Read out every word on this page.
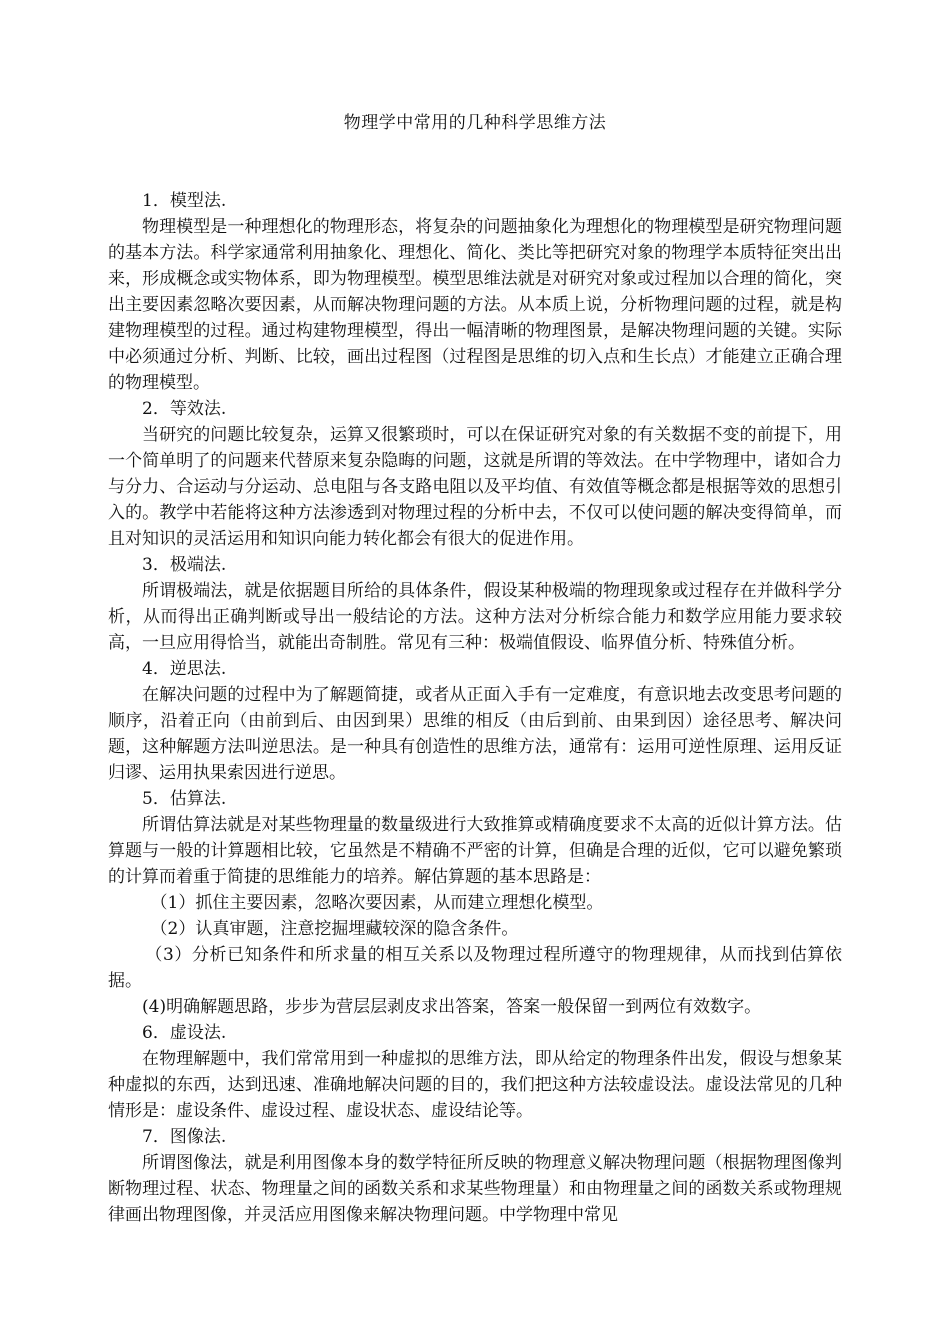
物理学中常用的几种科学思维方法

1．模型法.

物理模型是一种理想化的物理形态，将复杂的问题抽象化为理想化的物理模型是研究物理问题的基本方法。科学家通常利用抽象化、理想化、简化、类比等把研究对象的物理学本质特征突出出来，形成概念或实物体系，即为物理模型。模型思维法就是对研究对象或过程加以合理的简化，突出主要因素忽略次要因素，从而解决物理问题的方法。从本质上说，分析物理问题的过程，就是构建物理模型的过程。通过构建物理模型，得出一幅清晰的物理图景，是解决物理问题的关键。实际中必须通过分析、判断、比较，画出过程图（过程图是思维的切入点和生长点）才能建立正确合理的物理模型。

2．等效法.

当研究的问题比较复杂，运算又很繁琐时，可以在保证研究对象的有关数据不变的前提下，用一个简单明了的问题来代替原来复杂隐晦的问题，这就是所谓的等效法。在中学物理中，诸如合力与分力、合运动与分运动、总电阻与各支路电阻以及平均值、有效值等概念都是根据等效的思想引入的。教学中若能将这种方法渗透到对物理过程的分析中去，不仅可以使问题的解决变得简单，而且对知识的灵活运用和知识向能力转化都会有很大的促进作用。

3．极端法.

所谓极端法，就是依据题目所给的具体条件，假设某种极端的物理现象或过程存在并做科学分析，从而得出正确判断或导出一般结论的方法。这种方法对分析综合能力和数学应用能力要求较高，一旦应用得恰当，就能出奇制胜。常见有三种：极端值假设、临界值分析、特殊值分析。

4．逆思法.

在解决问题的过程中为了解题简捷，或者从正面入手有一定难度，有意识地去改变思考问题的顺序，沿着正向（由前到后、由因到果）思维的相反（由后到前、由果到因）途径思考、解决问题，这种解题方法叫逆思法。是一种具有创造性的思维方法，通常有：运用可逆性原理、运用反证归谬、运用执果索因进行逆思。

5．估算法.

所谓估算法就是对某些物理量的数量级进行大致推算或精确度要求不太高的近似计算方法。估算题与一般的计算题相比较，它虽然是不精确不严密的计算，但确是合理的近似，它可以避免繁琐的计算而着重于简捷的思维能力的培养。解估算题的基本思路是：

（1）抓住主要因素，忽略次要因素，从而建立理想化模型。

（2）认真审题，注意挖掘埋藏较深的隐含条件。

（3）分析已知条件和所求量的相互关系以及物理过程所遵守的物理规律，从而找到估算依据。

(4)明确解题思路，步步为营层层剥皮求出答案，答案一般保留一到两位有效数字。

6．虚设法.

在物理解题中，我们常常用到一种虚拟的思维方法，即从给定的物理条件出发，假设与想象某种虚拟的东西，达到迅速、准确地解决问题的目的，我们把这种方法较虚设法。虚设法常见的几种情形是：虚设条件、虚设过程、虚设状态、虚设结论等。

7．图像法.

所谓图像法，就是利用图像本身的数学特征所反映的物理意义解决物理问题（根据物理图像判断物理过程、状态、物理量之间的函数关系和求某些物理量）和由物理量之间的函数关系或物理规律画出物理图像，并灵活应用图像来解决物理问题。中学物理中常见
